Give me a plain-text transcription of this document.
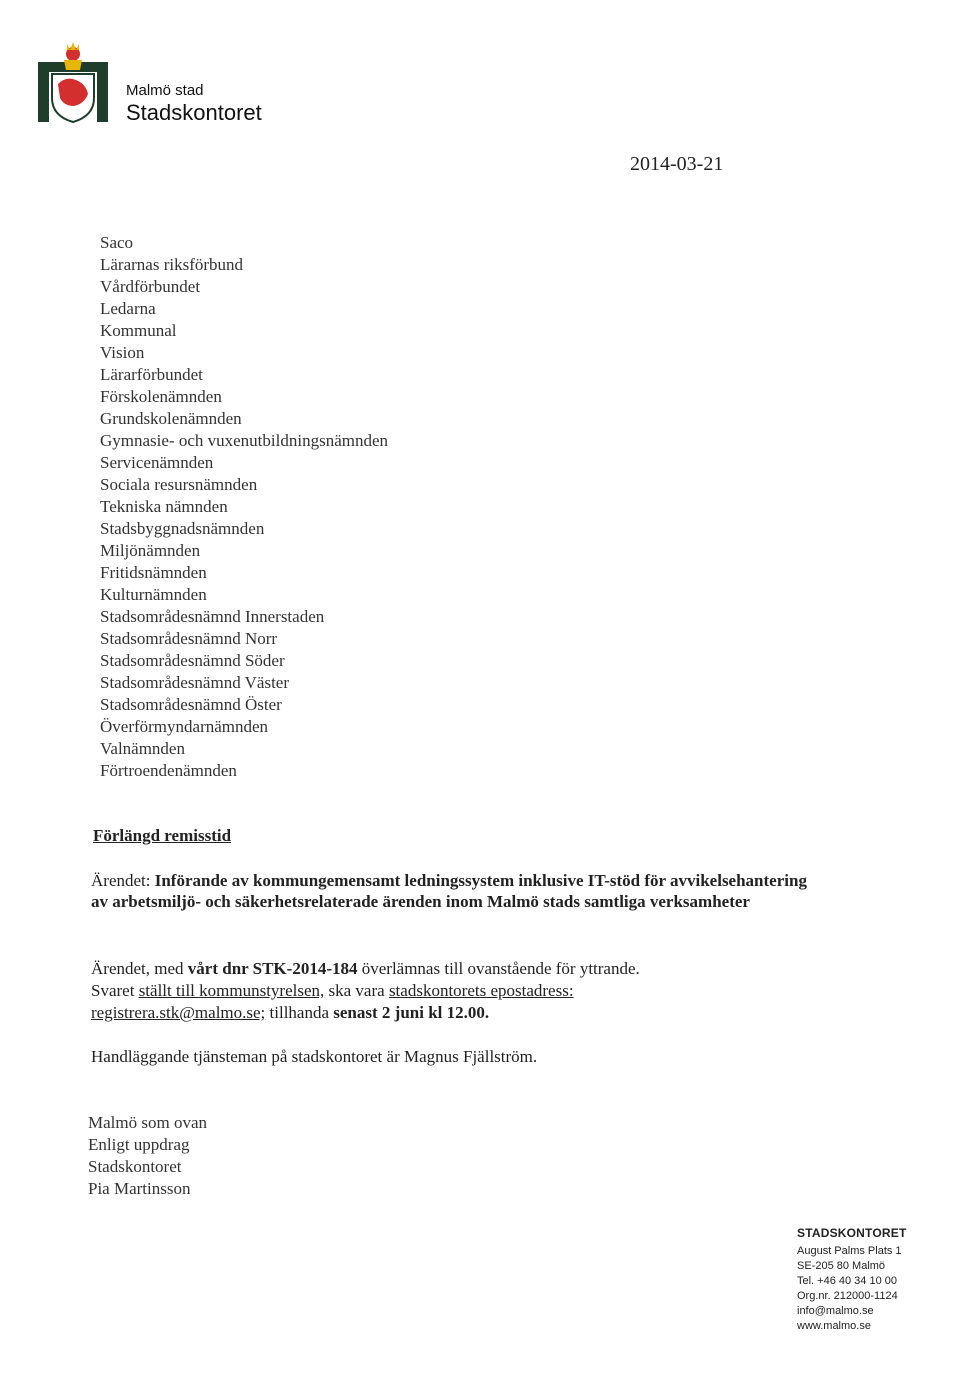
Malmö stad
Stadskontoret
2014-03-21
Saco
Lärarnas riksförbund
Vårdförbundet
Ledarna
Kommunal
Vision
Lärarförbundet
Förskolenämnden
Grundskolenämnden
Gymnasie- och vuxenutbildningsnämnden
Servicenämnden
Sociala resursnämnden
Tekniska nämnden
Stadsbyggnadsnämnden
Miljönämnden
Fritidsnämnden
Kulturnämnden
Stadsområdesnämnd Innerstaden
Stadsområdesnämnd Norr
Stadsområdesnämnd Söder
Stadsområdesnämnd Väster
Stadsområdesnämnd Öster
Överförmyndarnämnden
Valnämnden
Förtroendenämnden
Förlängd remisstid
Ärendet: Införande av kommungemensamt ledningssystem inklusive IT-stöd för avvikelsehantering av arbetsmiljö- och säkerhetsrelaterade ärenden inom Malmö stads samtliga verksamheter
Ärendet, med vårt dnr STK-2014-184 överlämnas till ovanstående för yttrande.
Svaret ställt till kommunstyrelsen, ska vara stadskontorets epostadress:
registrera.stk@malmo.se; tillhanda senast 2 juni kl 12.00.
Handläggande tjänsteman på stadskontoret är Magnus Fjällström.
Malmö som ovan
Enligt uppdrag
Stadskontoret
Pia Martinsson
STADSKONTORET
August Palms Plats 1
SE-205 80 Malmö
Tel. +46 40 34 10 00
Org.nr. 212000-1124
info@malmo.se
www.malmo.se
